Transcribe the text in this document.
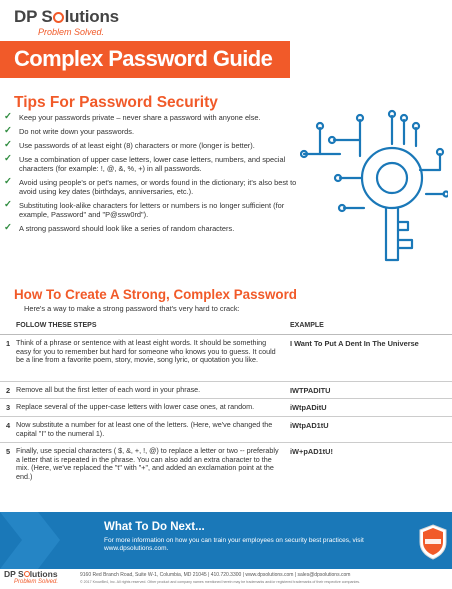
DP S lutions
Problem Solved.
Complex Password Guide
Tips For Password Security
✓ Keep your passwords private – never share a password with anyone else.
✓ Do not write down your passwords.
✓ Use passwords of at least eight (8) characters or more (longer is better).
✓ Use a combination of upper case letters, lower case letters, numbers, and special characters (for example: !, @, &, %, +) in all passwords.
✓ Avoid using people's or pet's names, or words found in the dictionary; it's also best to avoid using key dates (birthdays, anniversaries, etc.).
✓ Substituting look-alike characters for letters or numbers is no longer sufficient (for example, Password" and "P@ssw0rd").
✓ A strong password should look like a series of random characters.
How To Create A Strong, Complex Password
Here's a way to make a strong password that's very hard to crack:
FOLLOW THESE STEPS	EXAMPLE
1 Think of a phrase or sentence with at least eight words. It should be something easy for you to remember but hard for someone who knows you to guess. It could be a line from a favorite poem, story, movie, song lyric, or quotation you like.
I Want To Put A Dent In The Universe
2 Remove all but the first letter of each word in your phrase.	IWTPADITU
3 Replace several of the upper-case letters with lower case ones, at random.	iWtpADitU
4 Now substitute a number for at least one of the letters. (Here, we've changed the capital "I" to the numeral 1).
iWtpAD1tU
5 Finally, use special characters ( $, &, +, !, @) to replace a letter or two -- preferably a letter that is repeated in the phrase. You can also add an extra character to the mix. (Here, we've replaced the "t" with "+", and added an exclamation point at the end.)
iW+pAD1tU!
What To Do Next...
For more information on how you can train your employees on security best practices, visit www.dpsolutions.com.
DP S lutions
Problem Solved.
9160 Red Branch Road, Suite W-1, Columbia, MD 21045 | 410.720.3300 | www.dpsolutions.com | sales@dpsolutions.com
© 2017 KnowBe4, Inc. All rights reserved. Other product and company names mentioned herein may be trademarks and/or registered trademarks of their respective companies.
